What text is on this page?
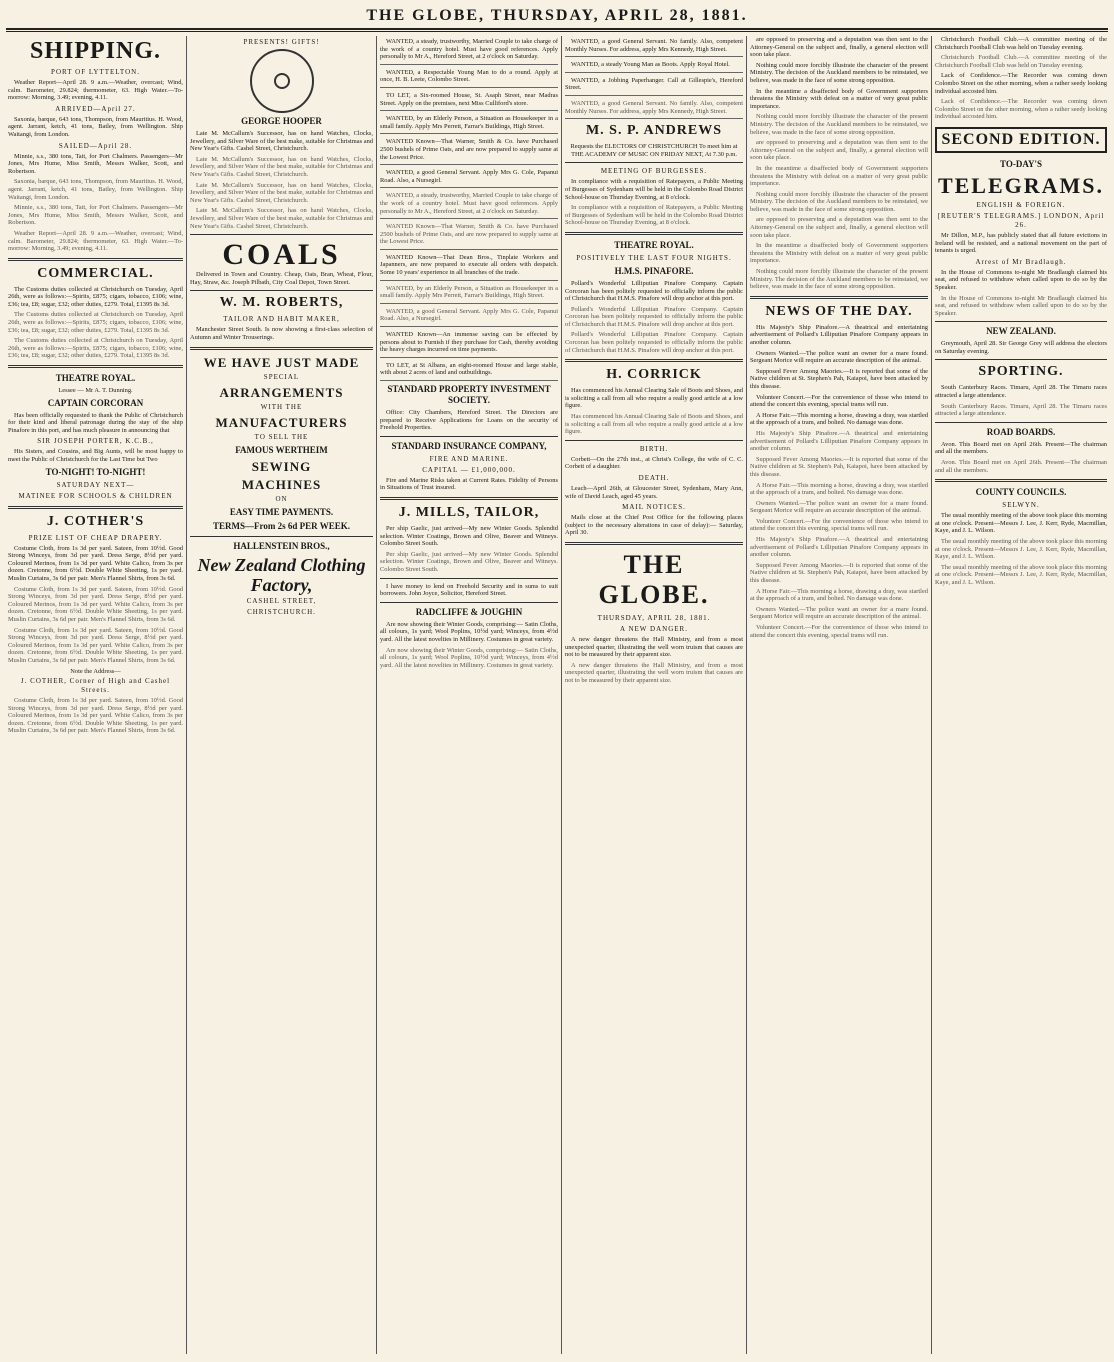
THE GLOBE, THURSDAY, APRIL 28, 1881.
SHIPPING.
PORT OF LYTTELTON.

Weather Report—April 28. 9 a.m.—Weather, overcast; Wind, calm. Barometer, 29.824; thermometer, 63. High Water.—To-morrow: Morning, 3.49; evening, 4.11.

ARRIVED—April 27.

Saxonia, barque, 643 tons, Thompson, from Mauritius. H. Wood, agent. Jarrant, ketch, 41 tons, Batley, from Wellington. Ship Waitangi, from London.

SAILED—April 28.

Minnie, s.s., 380 tons, Tait, for Port Chalmers. Passengers—Mr Jones, Mrs Hume, Miss Smith, Messrs Walker, Scott, and Robertson.

Saxonia, barque, 643 tons, Thompson, from Mauritius. H. Wood, agent. Jarrant, ketch, 41 tons, Batley, from Wellington. Ship Waitangi, from London.

Minnie, s.s., 380 tons, Tait, for Port Chalmers. Passengers—Mr Jones, Mrs Hume, Miss Smith, Messrs Walker, Scott, and Robertson.

Weather Report—April 28. 9 a.m.—Weather, overcast; Wind, calm. Barometer, 29.824; thermometer, 63. High Water.—To-morrow: Morning, 3.49; evening, 4.11.

COMMERCIAL.

The Customs duties collected at Christchurch on Tuesday, April 26th, were as follows:—Spirits, £875; cigars, tobacco, £106; wine, £36; tea, £8; sugar, £32; other duties, £279. Total, £1395 8s 3d.

The Customs duties collected at Christchurch on Tuesday, April 26th, were as follows:—Spirits, £875; cigars, tobacco, £106; wine, £36; tea, £8; sugar, £32; other duties, £279. Total, £1395 8s 3d.

The Customs duties collected at Christchurch on Tuesday, April 26th, were as follows:—Spirits, £875; cigars, tobacco, £106; wine, £36; tea, £8; sugar, £32; other duties, £279. Total, £1395 8s 3d.

THEATRE ROYAL.
Lessee — Mr A. T. Dunning.
CAPTAIN CORCORAN

Has been officially requested to thank the Public of Christchurch for their kind and liberal patronage during the stay of the ship Pinafore in this port, and has much pleasure in announcing that

SIR JOSEPH PORTER, K.C.B.,

His Sisters, and Cousins, and Big Aunts, will be most happy to meet the Public of Christchurch for the Last Time but Two

TO-NIGHT! TO-NIGHT!
SATURDAY NEXT—
MATINEE FOR SCHOOLS & CHILDREN
J. COTHER'S
PRIZE LIST OF CHEAP DRAPERY.

Costume Cloth, from 1s 3d per yard. Sateen, from 10½d. Good Strong Winceys, from 3d per yard. Dress Serge, 8½d per yard. Coloured Merinos, from 1s 3d per yard. White Calico, from 3s per dozen. Cretonne, from 6½d. Double White Sheeting, 1s per yard. Muslin Curtains, 3s 6d per pair. Men's Flannel Shirts, from 3s 6d.

Costume Cloth, from 1s 3d per yard. Sateen, from 10½d. Good Strong Winceys, from 3d per yard. Dress Serge, 8½d per yard. Coloured Merinos, from 1s 3d per yard. White Calico, from 3s per dozen. Cretonne, from 6½d. Double White Sheeting, 1s per yard. Muslin Curtains, 3s 6d per pair. Men's Flannel Shirts, from 3s 6d.

Costume Cloth, from 1s 3d per yard. Sateen, from 10½d. Good Strong Winceys, from 3d per yard. Dress Serge, 8½d per yard. Coloured Merinos, from 1s 3d per yard. White Calico, from 3s per dozen. Cretonne, from 6½d. Double White Sheeting, 1s per yard. Muslin Curtains, 3s 6d per pair. Men's Flannel Shirts, from 3s 6d.

Note the Address—
J. COTHER, Corner of High and Cashel Streets.

Costume Cloth, from 1s 3d per yard. Sateen, from 10½d. Good Strong Winceys, from 3d per yard. Dress Serge, 8½d per yard. Coloured Merinos, from 1s 3d per yard. White Calico, from 3s per dozen. Cretonne, from 6½d. Double White Sheeting, 1s per yard. Muslin Curtains, 3s 6d per pair. Men's Flannel Shirts, from 3s 6d.

PRESENTS! GIFTS!
GEORGE HOOPER

Late M. McCallum's Successor, has on hand Watches, Clocks, Jewellery, and Silver Ware of the best make, suitable for Christmas and New Year's Gifts. Cashel Street, Christchurch.

Late M. McCallum's Successor, has on hand Watches, Clocks, Jewellery, and Silver Ware of the best make, suitable for Christmas and New Year's Gifts. Cashel Street, Christchurch.

Late M. McCallum's Successor, has on hand Watches, Clocks, Jewellery, and Silver Ware of the best make, suitable for Christmas and New Year's Gifts. Cashel Street, Christchurch.

Late M. McCallum's Successor, has on hand Watches, Clocks, Jewellery, and Silver Ware of the best make, suitable for Christmas and New Year's Gifts. Cashel Street, Christchurch.

COALS

Delivered in Town and Country. Cheap, Oats, Bran, Wheat, Flour, Hay, Straw, &c. Joseph Pilbath, City Coal Depot, Town Street.

W. M. ROBERTS,
TAILOR AND HABIT MAKER,

Manchester Street South. Is now showing a first-class selection of Autumn and Winter Trouserings.

WE HAVE JUST MADE
SPECIAL
ARRANGEMENTS
WITH THE
MANUFACTURERS
TO SELL THE
FAMOUS WERTHEIM
SEWING
MACHINES
ON
EASY TIME PAYMENTS.
TERMS—From 2s 6d PER WEEK.
HALLENSTEIN BROS.,
New Zealand Clothing
Factory,
CASHEL STREET,
CHRISTCHURCH.

WANTED, a steady, trustworthy, Married Couple to take charge of the work of a country hotel. Must have good references. Apply personally to Mr A., Hereford Street, at 2 o'clock on Saturday.

WANTED, a Respectable Young Man to do a round. Apply at once, H. B. Leete, Colombo Street.

TO LET, a Six-roomed House, St. Asaph Street, near Madras Street. Apply on the premises, next Miss Culliford's store.

WANTED, by an Elderly Person, a Situation as Housekeeper in a small family. Apply Mrs Perrett, Farrar's Buildings, High Street.

WANTED Known—That Warner, Smith & Co. have Purchased 2500 bushels of Prime Oats, and are now prepared to supply same at the Lowest Price.

WANTED, a good General Servant. Apply Mrs G. Cole, Papanui Road. Also, a Nursegirl.

WANTED, a steady, trustworthy, Married Couple to take charge of the work of a country hotel. Must have good references. Apply personally to Mr A., Hereford Street, at 2 o'clock on Saturday.

WANTED Known—That Warner, Smith & Co. have Purchased 2500 bushels of Prime Oats, and are now prepared to supply same at the Lowest Price.

WANTED Known—That Dean Bros., Tinplate Workers and Japanners, are now prepared to execute all orders with despatch. Some 10 years' experience in all branches of the trade.

WANTED, by an Elderly Person, a Situation as Housekeeper in a small family. Apply Mrs Perrett, Farrar's Buildings, High Street.

WANTED, a good General Servant. Apply Mrs G. Cole, Papanui Road. Also, a Nursegirl.

WANTED Known—An immense saving can be effected by persons about to Furnish if they purchase for Cash, thereby avoiding the heavy charges incurred on time payments.

TO LET, at St Albans, an eight-roomed House and large stable, with about 2 acres of land and outbuildings.

STANDARD PROPERTY INVESTMENT SOCIETY.

Office: City Chambers, Hereford Street. The Directors are prepared to Receive Applications for Loans on the security of Freehold Properties.

STANDARD INSURANCE COMPANY,
FIRE AND MARINE.
CAPITAL — £1,000,000.

Fire and Marine Risks taken at Current Rates. Fidelity of Persons in Situations of Trust insured.

J. MILLS, TAILOR,

Per ship Gaelic, just arrived—My new Winter Goods. Splendid selection. Winter Coatings, Brown and Olive, Beaver and Witneys. Colombo Street South.

Per ship Gaelic, just arrived—My new Winter Goods. Splendid selection. Winter Coatings, Brown and Olive, Beaver and Witneys. Colombo Street South.

I have money to lend on Freehold Security and in sums to suit borrowers. John Joyce, Solicitor, Hereford Street.

RADCLIFFE & JOUGHIN

Are now showing their Winter Goods, comprising:— Satin Cloths, all colours, 1s yard; Wool Poplins, 10½d yard; Winceys, from 4½d yard. All the latest novelties in Millinery. Costumes in great variety.

Are now showing their Winter Goods, comprising:— Satin Cloths, all colours, 1s yard; Wool Poplins, 10½d yard; Winceys, from 4½d yard. All the latest novelties in Millinery. Costumes in great variety.

WANTED, a good General Servant. No family. Also, competent Monthly Nurses. For address, apply Mrs Kennedy, High Street.

WANTED, a steady Young Man as Boots. Apply Royal Hotel.

WANTED, a Jobbing Paperhanger. Call at Gillespie's, Hereford Street.

WANTED, a good General Servant. No family. Also, competent Monthly Nurses. For address, apply Mrs Kennedy, High Street.

M. S. P. ANDREWS

Requests the ELECTORS OF CHRISTCHURCH To meet him at THE ACADEMY OF MUSIC ON FRIDAY NEXT, At 7.30 p.m.

MEETING OF BURGESSES.

In compliance with a requisition of Ratepayers, a Public Meeting of Burgesses of Sydenham will be held in the Colombo Road District School-house on Thursday Evening, at 8 o'clock.

In compliance with a requisition of Ratepayers, a Public Meeting of Burgesses of Sydenham will be held in the Colombo Road District School-house on Thursday Evening, at 8 o'clock.

THEATRE ROYAL.
POSITIVELY THE LAST FOUR NIGHTS.
H.M.S. PINAFORE.

Pollard's Wonderful Lilliputian Pinafore Company. Captain Corcoran has been politely requested to officially inform the public of Christchurch that H.M.S. Pinafore will drop anchor at this port.

Pollard's Wonderful Lilliputian Pinafore Company. Captain Corcoran has been politely requested to officially inform the public of Christchurch that H.M.S. Pinafore will drop anchor at this port.

Pollard's Wonderful Lilliputian Pinafore Company. Captain Corcoran has been politely requested to officially inform the public of Christchurch that H.M.S. Pinafore will drop anchor at this port.

H. CORRICK

Has commenced his Annual Clearing Sale of Boots and Shoes, and is soliciting a call from all who require a really good article at a low figure.

Has commenced his Annual Clearing Sale of Boots and Shoes, and is soliciting a call from all who require a really good article at a low figure.

BIRTH.

Corbett—On the 27th inst., at Christ's College, the wife of C. C. Corbett of a daughter.

DEATH.

Leach—April 26th, at Gloucester Street, Sydenham, Mary Ann, wife of David Leach, aged 45 years.

MAIL NOTICES.

Mails close at the Chief Post Office for the following places (subject to the necessary alterations in case of delay):— Saturday, April 30.

THE GLOBE.
THURSDAY, APRIL 28, 1881.
A NEW DANGER.

A new danger threatens the Hall Ministry, and from a most unexpected quarter, illustrating the well worn truism that causes are not to be measured by their apparent size.

A new danger threatens the Hall Ministry, and from a most unexpected quarter, illustrating the well worn truism that causes are not to be measured by their apparent size.

are opposed to preserving and a deputation was then sent to the Attorney-General on the subject and, finally, a general election will soon take place.

Nothing could more forcibly illustrate the character of the present Ministry. The decision of the Auckland members to be reinstated, we believe, was made in the face of some strong opposition.

In the meantime a disaffected body of Government supporters threatens the Ministry with defeat on a matter of very great public importance.

Nothing could more forcibly illustrate the character of the present Ministry. The decision of the Auckland members to be reinstated, we believe, was made in the face of some strong opposition.

are opposed to preserving and a deputation was then sent to the Attorney-General on the subject and, finally, a general election will soon take place.

In the meantime a disaffected body of Government supporters threatens the Ministry with defeat on a matter of very great public importance.

Nothing could more forcibly illustrate the character of the present Ministry. The decision of the Auckland members to be reinstated, we believe, was made in the face of some strong opposition.

are opposed to preserving and a deputation was then sent to the Attorney-General on the subject and, finally, a general election will soon take place.

In the meantime a disaffected body of Government supporters threatens the Ministry with defeat on a matter of very great public importance.

Nothing could more forcibly illustrate the character of the present Ministry. The decision of the Auckland members to be reinstated, we believe, was made in the face of some strong opposition.

NEWS OF THE DAY.

His Majesty's Ship Pinafore.—A theatrical and entertaining advertisement of Pollard's Lilliputian Pinafore Company appears in another column.

Owners Wanted.—The police want an owner for a mare found. Sergeant Morice will require an accurate description of the animal.

Supposed Fever Among Maories.—It is reported that some of the Native children at St. Stephen's Pah, Kaiapoi, have been attacked by this disease.

Volunteer Concert.—For the convenience of those who intend to attend the concert this evening, special trams will run.

A Horse Fair.—This morning a horse, drawing a dray, was startled at the approach of a tram, and bolted. No damage was done.

His Majesty's Ship Pinafore.—A theatrical and entertaining advertisement of Pollard's Lilliputian Pinafore Company appears in another column.

Supposed Fever Among Maories.—It is reported that some of the Native children at St. Stephen's Pah, Kaiapoi, have been attacked by this disease.

A Horse Fair.—This morning a horse, drawing a dray, was startled at the approach of a tram, and bolted. No damage was done.

Owners Wanted.—The police want an owner for a mare found. Sergeant Morice will require an accurate description of the animal.

Volunteer Concert.—For the convenience of those who intend to attend the concert this evening, special trams will run.

His Majesty's Ship Pinafore.—A theatrical and entertaining advertisement of Pollard's Lilliputian Pinafore Company appears in another column.

Supposed Fever Among Maories.—It is reported that some of the Native children at St. Stephen's Pah, Kaiapoi, have been attacked by this disease.

A Horse Fair.—This morning a horse, drawing a dray, was startled at the approach of a tram, and bolted. No damage was done.

Owners Wanted.—The police want an owner for a mare found. Sergeant Morice will require an accurate description of the animal.

Volunteer Concert.—For the convenience of those who intend to attend the concert this evening, special trams will run.

Christchurch Football Club.—A committee meeting of the Christchurch Football Club was held on Tuesday evening.

Christchurch Football Club.—A committee meeting of the Christchurch Football Club was held on Tuesday evening.

Lack of Confidence.—The Recorder was coming down Colombo Street on the other morning, when a rather seedy looking individual accosted him.

Lack of Confidence.—The Recorder was coming down Colombo Street on the other morning, when a rather seedy looking individual accosted him.

SECOND EDITION.
TO-DAY'S
TELEGRAMS.
ENGLISH & FOREIGN.
[REUTER'S TELEGRAMS.] LONDON, April 26.

Mr Dillon, M.P., has publicly stated that all future evictions in Ireland will be resisted, and a national movement on the part of tenants is urged.

Arrest of Mr Bradlaugh.

In the House of Commons to-night Mr Bradlaugh claimed his seat, and refused to withdraw when called upon to do so by the Speaker.

In the House of Commons to-night Mr Bradlaugh claimed his seat, and refused to withdraw when called upon to do so by the Speaker.

NEW ZEALAND.

Greymouth, April 28. Sir George Grey will address the electors on Saturday evening.

SPORTING.

South Canterbury Races. Timaru, April 28. The Timaru races attracted a large attendance.

South Canterbury Races. Timaru, April 28. The Timaru races attracted a large attendance.

ROAD BOARDS.

Avon. This Board met on April 26th. Present—The chairman and all the members.

Avon. This Board met on April 26th. Present—The chairman and all the members.

COUNTY COUNCILS.
SELWYN.

The usual monthly meeting of the above took place this morning at one o'clock. Present—Messrs J. Lee, J. Kerr, Ryde, Macmillan, Kaye, and J. L. Wilson.

The usual monthly meeting of the above took place this morning at one o'clock. Present—Messrs J. Lee, J. Kerr, Ryde, Macmillan, Kaye, and J. L. Wilson.

The usual monthly meeting of the above took place this morning at one o'clock. Present—Messrs J. Lee, J. Kerr, Ryde, Macmillan, Kaye, and J. L. Wilson.
